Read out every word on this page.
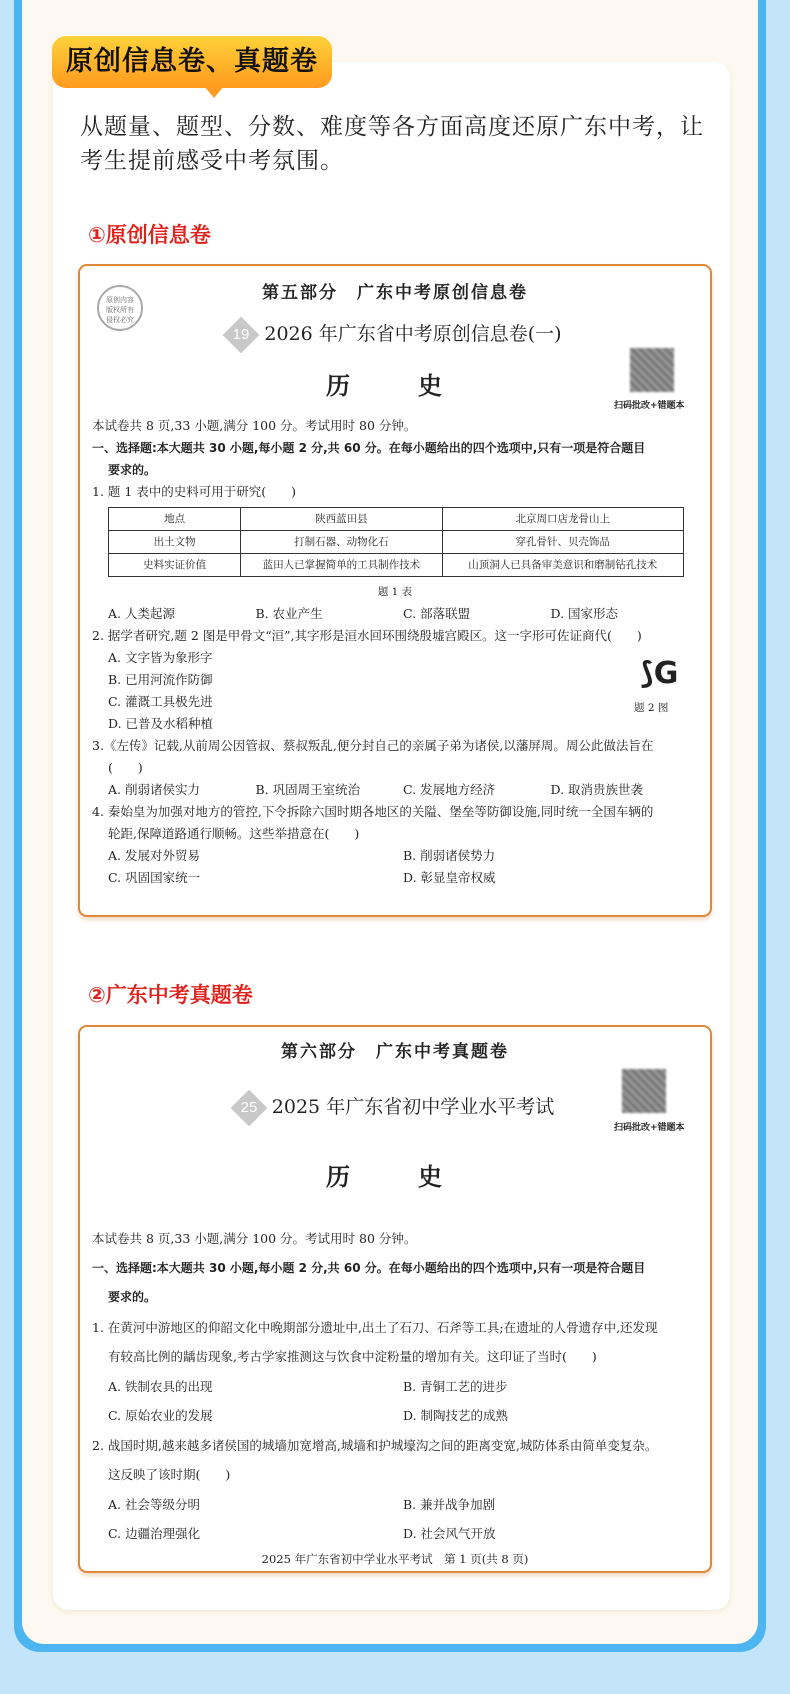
原创信息卷、真题卷
从题量、题型、分数、难度等各方面高度还原广东中考，让考生提前感受中考氛围。
①原创信息卷
原创内容
版权所有
侵权必究
第五部分　广东中考原创信息卷
19 2026 年广东省中考原创信息卷(一)
扫码批改+错题本
历　史
本试卷共 8 页,33 小题,满分 100 分。考试用时 80 分钟。
一、选择题:本大题共 30 小题,每小题 2 分,共 60 分。在每小题给出的四个选项中,只有一项是符合题目
要求的。
1. 题 1 表中的史料可用于研究(　　)
地点	陕西蓝田县	北京周口店龙骨山上
出土文物	打制石器、动物化石	穿孔骨针、贝壳饰品
史料实证价值	蓝田人已掌握简单的工具制作技术	山顶洞人已具备审美意识和磨制钻孔技术
题 1 表
A. 人类起源	B. 农业产生	C. 部落联盟	D. 国家形态
2. 据学者研究,题 2 图是甲骨文“洹”,其字形是洹水回环围绕殷墟宫殿区。这一字形可佐证商代(　　)
A. 文字皆为象形字
B. 已用河流作防御
C. 灌溉工具极先进
D. 已普及水稻种植
⟆G
题 2 图
3.《左传》记载,从前周公因管叔、蔡叔叛乱,便分封自己的亲属子弟为诸侯,以藩屏周。周公此做法旨在
(　　)
A. 削弱诸侯实力	B. 巩固周王室统治	C. 发展地方经济	D. 取消贵族世袭
4. 秦始皇为加强对地方的管控,下令拆除六国时期各地区的关隘、堡垒等防御设施,同时统一全国车辆的
轮距,保障道路通行顺畅。这些举措意在(　　)
A. 发展对外贸易	B. 削弱诸侯势力
C. 巩固国家统一	D. 彰显皇帝权威
②广东中考真题卷
第六部分　广东中考真题卷
25 2025 年广东省初中学业水平考试
扫码批改+错题本
历　史
本试卷共 8 页,33 小题,满分 100 分。考试用时 80 分钟。
一、选择题:本大题共 30 小题,每小题 2 分,共 60 分。在每小题给出的四个选项中,只有一项是符合题目
要求的。
1. 在黄河中游地区的仰韶文化中晚期部分遗址中,出土了石刀、石斧等工具;在遗址的人骨遗存中,还发现
有较高比例的龋齿现象,考古学家推测这与饮食中淀粉量的增加有关。这印证了当时(　　)
A. 铁制农具的出现	B. 青铜工艺的进步
C. 原始农业的发展	D. 制陶技艺的成熟
2. 战国时期,越来越多诸侯国的城墙加宽增高,城墙和护城壕沟之间的距离变宽,城防体系由简单变复杂。
这反映了该时期(　　)
A. 社会等级分明	B. 兼并战争加剧
C. 边疆治理强化	D. 社会风气开放
2025 年广东省初中学业水平考试　第 1 页(共 8 页)
